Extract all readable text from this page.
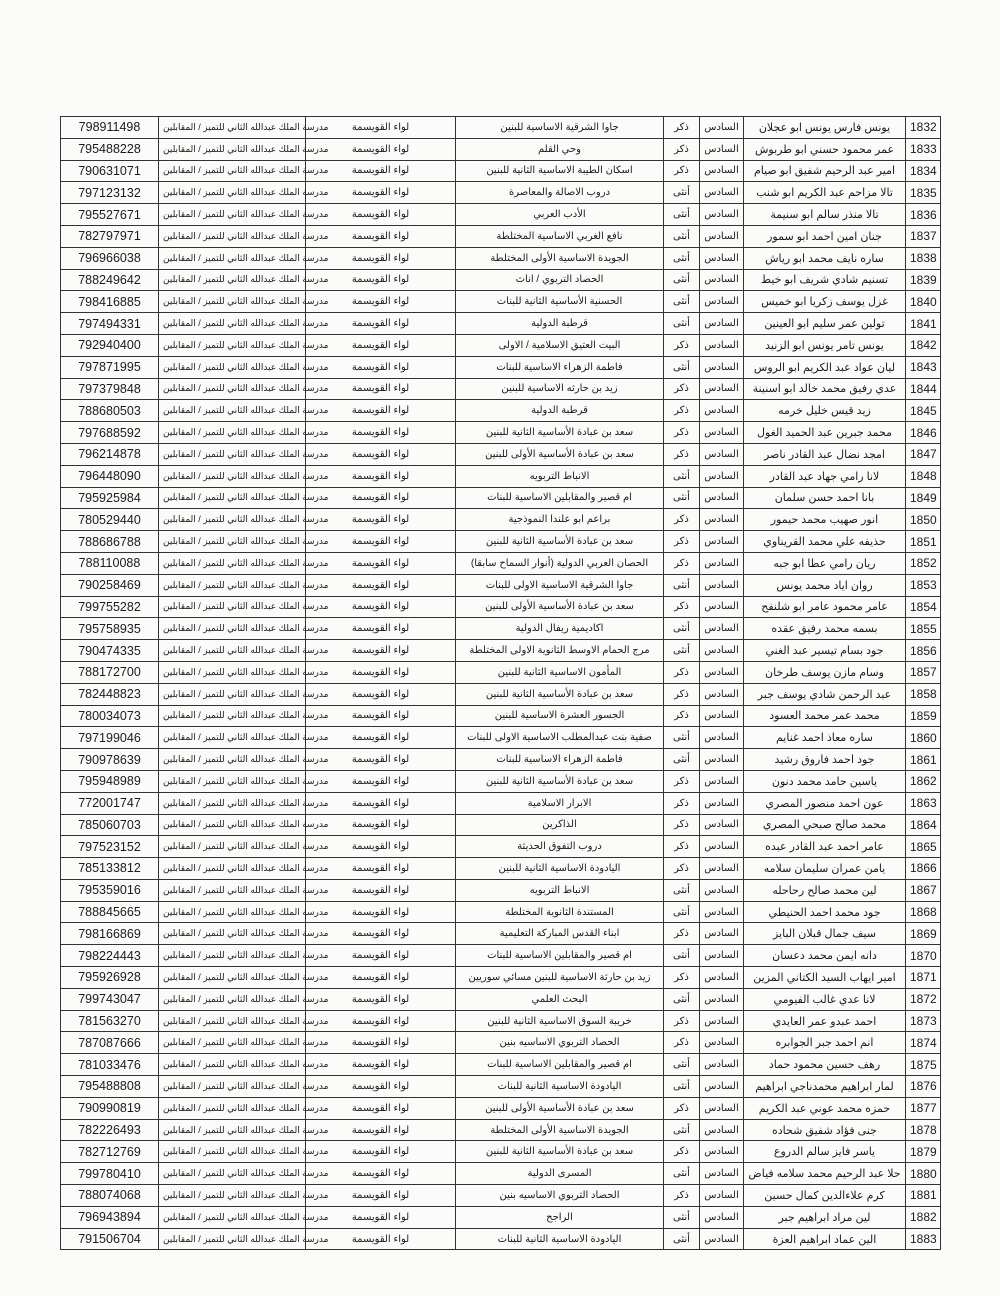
798911498	مدرسة الملك عبدالله الثاني للتميز / المقابلين	لواء القويسمة	جاوا الشرقية الاساسية للبنين	ذكر	السادس	يونس فارس يونس ابو عجلان	1832
795488228	مدرسة الملك عبدالله الثاني للتميز / المقابلين	لواء القويسمة	وحي القلم	ذكر	السادس	عمر محمود حسني ابو طربوش	1833
790631071	مدرسة الملك عبدالله الثاني للتميز / المقابلين	لواء القويسمة	اسكان الطيبة الاساسية الثانية للبنين	ذكر	السادس	امير عبد الرحيم شفيق ابو صيام	1834
797123132	مدرسة الملك عبدالله الثاني للتميز / المقابلين	لواء القويسمة	دروب الاصالة والمعاصرة	أنثى	السادس	تالا مزاحم عبد الكريم ابو شنب	1835
795527671	مدرسة الملك عبدالله الثاني للتميز / المقابلين	لواء القويسمة	الأدب العربي	أنثى	السادس	تالا منذر سالم ابو سنيمة	1836
782797971	مدرسة الملك عبدالله الثاني للتميز / المقابلين	لواء القويسمة	نافع الغربي الاساسية المختلطة	أنثى	السادس	جنان امين احمد ابو سمور	1837
796966038	مدرسة الملك عبدالله الثاني للتميز / المقابلين	لواء القويسمة	الجويدة الاساسية الأولى المختلطة	أنثى	السادس	ساره نايف محمد ابو رياش	1838
788249642	مدرسة الملك عبدالله الثاني للتميز / المقابلين	لواء القويسمة	الحصاد التربوي / اناث	أنثى	السادس	تسنيم شادي شريف ابو خيط	1839
798416885	مدرسة الملك عبدالله الثاني للتميز / المقابلين	لواء القويسمة	الحسنية الأساسية الثانية للبنات	أنثى	السادس	غزل يوسف زكريا ابو خميس	1840
797494331	مدرسة الملك عبدالله الثاني للتميز / المقابلين	لواء القويسمة	قرطبة الدولية	أنثى	السادس	تولين عمر سليم ابو العينين	1841
792940400	مدرسة الملك عبدالله الثاني للتميز / المقابلين	لواء القويسمة	البيت العتيق الاسلامية / الاولى	ذكر	السادس	يونس تامر يونس ابو الزنيد	1842
797871995	مدرسة الملك عبدالله الثاني للتميز / المقابلين	لواء القويسمة	فاطمة الزهراء الاساسية للبنات	أنثى	السادس	ليان عواد عبد الكريم ابو الروس	1843
797379848	مدرسة الملك عبدالله الثاني للتميز / المقابلين	لواء القويسمة	زيد بن حارثه الاساسية للبنين	ذكر	السادس	عدي رفيق محمد خالد ابو اسنينة	1844
788680503	مدرسة الملك عبدالله الثاني للتميز / المقابلين	لواء القويسمة	قرطبة الدولية	ذكر	السادس	زيد قيس خليل خرمه	1845
797688592	مدرسة الملك عبدالله الثاني للتميز / المقابلين	لواء القويسمة	سعد بن عبادة الأساسية الثانية للبنين	ذكر	السادس	محمد جبرين عبد الحميد الغول	1846
796214878	مدرسة الملك عبدالله الثاني للتميز / المقابلين	لواء القويسمة	سعد بن عبادة الأساسية الأولى للبنين	ذكر	السادس	امجد نضال عبد القادر ناصر	1847
796448090	مدرسة الملك عبدالله الثاني للتميز / المقابلين	لواء القويسمة	الانباط التربويه	أنثى	السادس	لانا رامي جهاد عبد القادر	1848
795925984	مدرسة الملك عبدالله الثاني للتميز / المقابلين	لواء القويسمة	ام قصير والمقابلين الاساسية للبنات	أنثى	السادس	بانا احمد حسن سلمان	1849
780529440	مدرسة الملك عبدالله الثاني للتميز / المقابلين	لواء القويسمة	براعم ابو علندا النموذجية	ذكر	السادس	انور صهيب محمد حيمور	1850
788686788	مدرسة الملك عبدالله الثاني للتميز / المقابلين	لواء القويسمة	سعد بن عبادة الأساسية الثانية للبنين	ذكر	السادس	حذيفه علي محمد القريناوي	1851
788110088	مدرسة الملك عبدالله الثاني للتميز / المقابلين	لواء القويسمة	الحصان العربي الدولية (أنوار السماح سابقا)	ذكر	السادس	ريان رامي عطا ابو جبه	1852
790258469	مدرسة الملك عبدالله الثاني للتميز / المقابلين	لواء القويسمة	جاوا الشرقية الاساسية الاولى للبنات	أنثى	السادس	روان اياد محمد يونس	1853
799755282	مدرسة الملك عبدالله الثاني للتميز / المقابلين	لواء القويسمة	سعد بن عبادة الأساسية الأولى للبنين	ذكر	السادس	عامر محمود عامر ابو شلنفح	1854
795758935	مدرسة الملك عبدالله الثاني للتميز / المقابلين	لواء القويسمة	اكاديمية ريفال الدولية	أنثى	السادس	بسمه محمد رفيق عقده	1855
790474335	مدرسة الملك عبدالله الثاني للتميز / المقابلين	لواء القويسمة	مرج الحمام الاوسط الثانوية الاولى المختلطة	أنثى	السادس	جود بسام تيسير عبد الغني	1856
788172700	مدرسة الملك عبدالله الثاني للتميز / المقابلين	لواء القويسمة	المأمون الاساسية الثانية للبنين	ذكر	السادس	وسام مازن يوسف طرخان	1857
782448823	مدرسة الملك عبدالله الثاني للتميز / المقابلين	لواء القويسمة	سعد بن عبادة الأساسية الثانية للبنين	ذكر	السادس	عبد الرحمن شادي يوسف جبر	1858
780034073	مدرسة الملك عبدالله الثاني للتميز / المقابلين	لواء القويسمة	الجسور العشرة الاساسية للبنين	ذكر	السادس	محمد عمر محمد العسود	1859
797199046	مدرسة الملك عبدالله الثاني للتميز / المقابلين	لواء القويسمة	صفية بنت عبدالمطلب الاساسية الاولى للبنات	أنثى	السادس	ساره معاذ احمد غنايم	1860
790978639	مدرسة الملك عبدالله الثاني للتميز / المقابلين	لواء القويسمة	فاطمة الزهراء الاساسية للبنات	أنثى	السادس	جود احمد فاروق رشيد	1861
795948989	مدرسة الملك عبدالله الثاني للتميز / المقابلين	لواء القويسمة	سعد بن عبادة الأساسية الثانية للبنين	ذكر	السادس	ياسين حامد محمد دنون	1862
772001747	مدرسة الملك عبدالله الثاني للتميز / المقابلين	لواء القويسمة	الابرار الاسلامية	ذكر	السادس	عون احمد منصور المصري	1863
785060703	مدرسة الملك عبدالله الثاني للتميز / المقابلين	لواء القويسمة	الذاكرين	ذكر	السادس	محمد صالح صبحي المصري	1864
797523152	مدرسة الملك عبدالله الثاني للتميز / المقابلين	لواء القويسمة	دروب التفوق الحديثة	ذكر	السادس	عامر احمد عبد القادر عبده	1865
785133812	مدرسة الملك عبدالله الثاني للتميز / المقابلين	لواء القويسمة	اليادودة الاساسية الثانية للبنين	ذكر	السادس	يامن عمران سليمان سلامه	1866
795359016	مدرسة الملك عبدالله الثاني للتميز / المقابلين	لواء القويسمة	الانباط التربويه	أنثى	السادس	لين محمد صالح رحاحله	1867
788845665	مدرسة الملك عبدالله الثاني للتميز / المقابلين	لواء القويسمة	المستندة الثانوية المختلطة	أنثى	السادس	جود محمد احمد الحنيطي	1868
798166869	مدرسة الملك عبدالله الثاني للتميز / المقابلين	لواء القويسمة	ابناء القدس المباركة التعليمية	ذكر	السادس	سيف جمال قبلان البايز	1869
798224443	مدرسة الملك عبدالله الثاني للتميز / المقابلين	لواء القويسمة	ام قصير والمقابلين الاساسية للبنات	أنثى	السادس	دانه ايمن محمد دعسان	1870
795926928	مدرسة الملك عبدالله الثاني للتميز / المقابلين	لواء القويسمة	زيد بن حارثة الاساسية للبنين مسائي سوريين	ذكر	السادس	امير ايهاب السيد الكتاني المزين	1871
799743047	مدرسة الملك عبدالله الثاني للتميز / المقابلين	لواء القويسمة	البحث العلمي	أنثى	السادس	لانا عدي غالب الفيومي	1872
781563270	مدرسة الملك عبدالله الثاني للتميز / المقابلين	لواء القويسمة	خريبة السوق الاساسية الثانية للبنين	ذكر	السادس	احمد عبدو عمر العايدي	1873
787087666	مدرسة الملك عبدالله الثاني للتميز / المقابلين	لواء القويسمة	الحصاد التربوي الاساسيه بنين	ذكر	السادس	انم احمد جبر الجوابره	1874
781033476	مدرسة الملك عبدالله الثاني للتميز / المقابلين	لواء القويسمة	ام قصير والمقابلين الاساسية للبنات	أنثى	السادس	رهف حسين محمود حماد	1875
795488808	مدرسة الملك عبدالله الثاني للتميز / المقابلين	لواء القويسمة	اليادودة الاساسية الثانية للبنات	أنثى	السادس	لمار ابراهيم محمدناجي ابراهيم	1876
790990819	مدرسة الملك عبدالله الثاني للتميز / المقابلين	لواء القويسمة	سعد بن عبادة الأساسية الأولى للبنين	ذكر	السادس	حمزه محمد عوني عبد الكريم	1877
782226493	مدرسة الملك عبدالله الثاني للتميز / المقابلين	لواء القويسمة	الجويدة الاساسية الأولى المختلطة	أنثى	السادس	جنى فؤاد شفيق شحاده	1878
782712769	مدرسة الملك عبدالله الثاني للتميز / المقابلين	لواء القويسمة	سعد بن عبادة الأساسية الثانية للبنين	ذكر	السادس	ياسر فايز سالم الدروع	1879
799780410	مدرسة الملك عبدالله الثاني للتميز / المقابلين	لواء القويسمة	المسرى الدولية	أنثى	السادس	حلا عبد الرحيم محمد سلامه فياض	1880
788074068	مدرسة الملك عبدالله الثاني للتميز / المقابلين	لواء القويسمة	الحصاد التربوي الاساسيه بنين	ذكر	السادس	كرم علاءالدين كمال حسين	1881
796943894	مدرسة الملك عبدالله الثاني للتميز / المقابلين	لواء القويسمة	الراجح	أنثى	السادس	لين مراد ابراهيم جبر	1882
791506704	مدرسة الملك عبدالله الثاني للتميز / المقابلين	لواء القويسمة	اليادودة الاساسية الثانية للبنات	أنثى	السادس	الين عماد ابراهيم العزة	1883
